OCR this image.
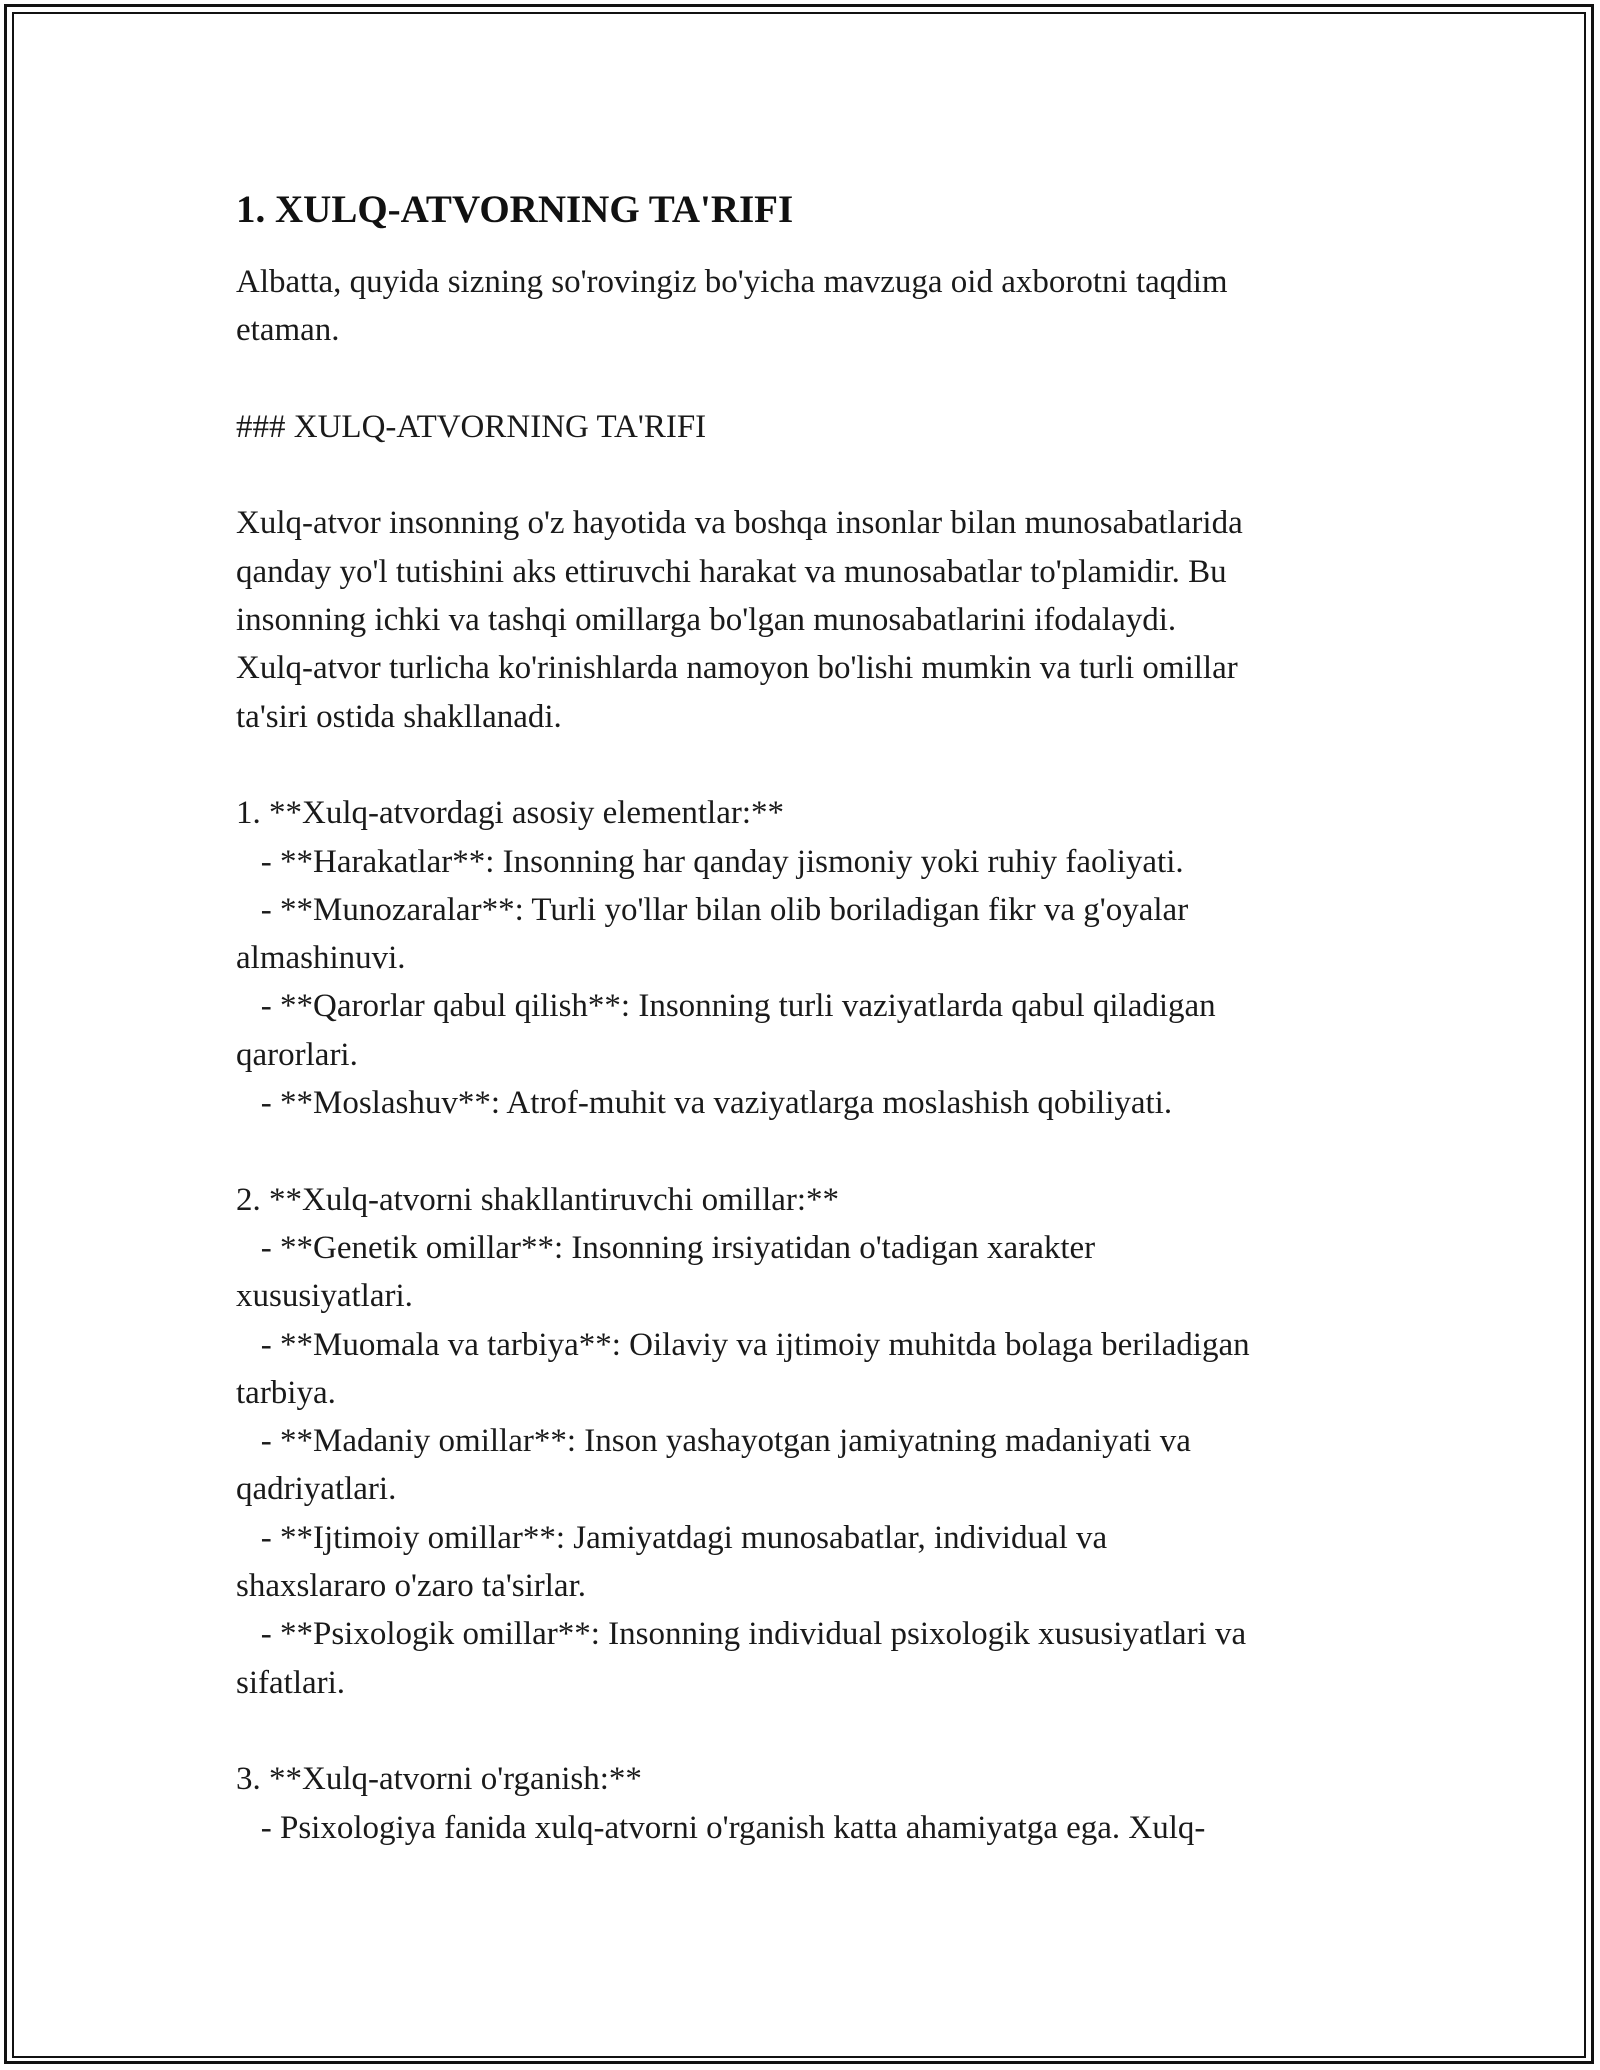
1. XULQ-ATVORNING TA'RIFI

Albatta, quyida sizning so'rovingiz bo'yicha mavzuga oid axborotni taqdim
etaman.

### XULQ-ATVORNING TA'RIFI

Xulq-atvor insonning o'z hayotida va boshqa insonlar bilan munosabatlarida
qanday yo'l tutishini aks ettiruvchi harakat va munosabatlar to'plamidir. Bu
insonning ichki va tashqi omillarga bo'lgan munosabatlarini ifodalaydi.
Xulq-atvor turlicha ko'rinishlarda namoyon bo'lishi mumkin va turli omillar
ta'siri ostida shakllanadi.

1. **Xulq-atvordagi asosiy elementlar:**
- **Harakatlar**: Insonning har qanday jismoniy yoki ruhiy faoliyati.
- **Munozaralar**: Turli yo'llar bilan olib boriladigan fikr va g'oyalar
almashinuvi.
- **Qarorlar qabul qilish**: Insonning turli vaziyatlarda qabul qiladigan
qarorlari.
- **Moslashuv**: Atrof-muhit va vaziyatlarga moslashish qobiliyati.

2. **Xulq-atvorni shakllantiruvchi omillar:**
- **Genetik omillar**: Insonning irsiyatidan o'tadigan xarakter
xususiyatlari.
- **Muomala va tarbiya**: Oilaviy va ijtimoiy muhitda bolaga beriladigan
tarbiya.
- **Madaniy omillar**: Inson yashayotgan jamiyatning madaniyati va
qadriyatlari.
- **Ijtimoiy omillar**: Jamiyatdagi munosabatlar, individual va
shaxslararo o'zaro ta'sirlar.
- **Psixologik omillar**: Insonning individual psixologik xususiyatlari va
sifatlari.

3. **Xulq-atvorni o'rganish:**
- Psixologiya fanida xulq-atvorni o'rganish katta ahamiyatga ega. Xulq-
